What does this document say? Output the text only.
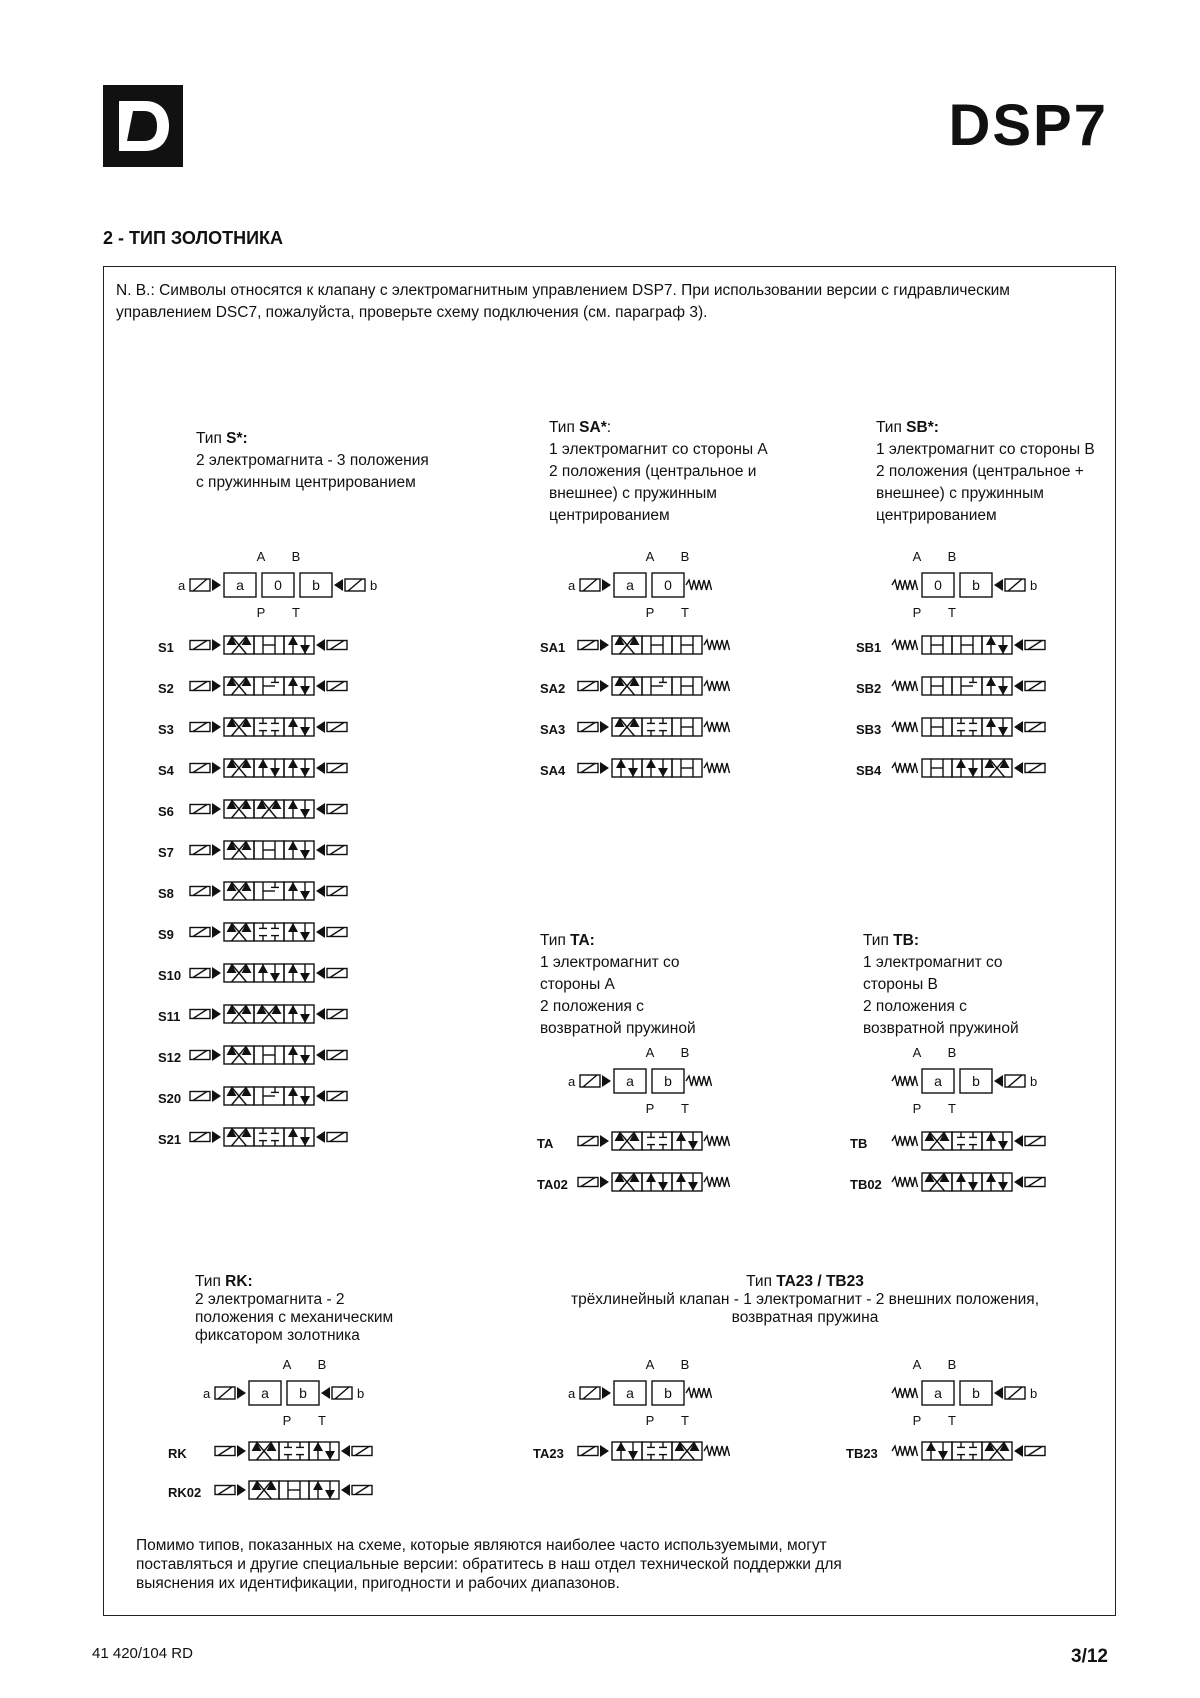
DSP7
2 - ТИП ЗОЛОТНИКА
N. B.: Символы относятся к клапану с электромагнитным управлением DSP7. При использовании версии с гидравлическим управлением DSC7, пожалуйста, проверьте схему подключения (см. параграф 3).
Тип S*:
2 электромагнита - 3 положения
с пружинным центрированием
Тип SA*:
1 электромагнит со стороны А
2 положения (центральное и
внешнее) с пружинным
центрированием
Тип SB*:
1 электромагнит со стороны В
2 положения (центральное +
внешнее) с пружинным
центрированием
Тип TA:
1 электромагнит со
стороны А
2 положения с
возвратной пружиной
Тип TB:
1 электромагнит со
стороны В
2 положения с
возвратной пружиной
Тип RK:
2 электромагнита - 2
положения с механическим
фиксатором золотника
Тип TA23 / TB23
трёхлинейный клапан - 1 электромагнит - 2 внешних положения,
возвратная пружина
a	a 0 b	b
A B
P T
S1
S2
S3
S4
S6
S7
S8
S9
S10
S11
S12
S20
S21
a	a 0
A B
P T
SA1
SA2
SA3
SA4
0 b	b
A B
P T
SB1
SB2
SB3
SB4
a	a b
A B
P T
TA
TA02
a b	b
A B
P T
TB
TB02
a	a b	b
A B
P T
RK
RK02
a	a b
A B
P T
TA23
a b	b
A B
P T
TB23
Помимо типов, показанных на схеме, которые являются наиболее часто используемыми, могут поставляться и другие специальные версии: обратитесь в наш отдел технической поддержки для выяснения их идентификации, пригодности и рабочих диапазонов.
41 420/104 RD	3/12
